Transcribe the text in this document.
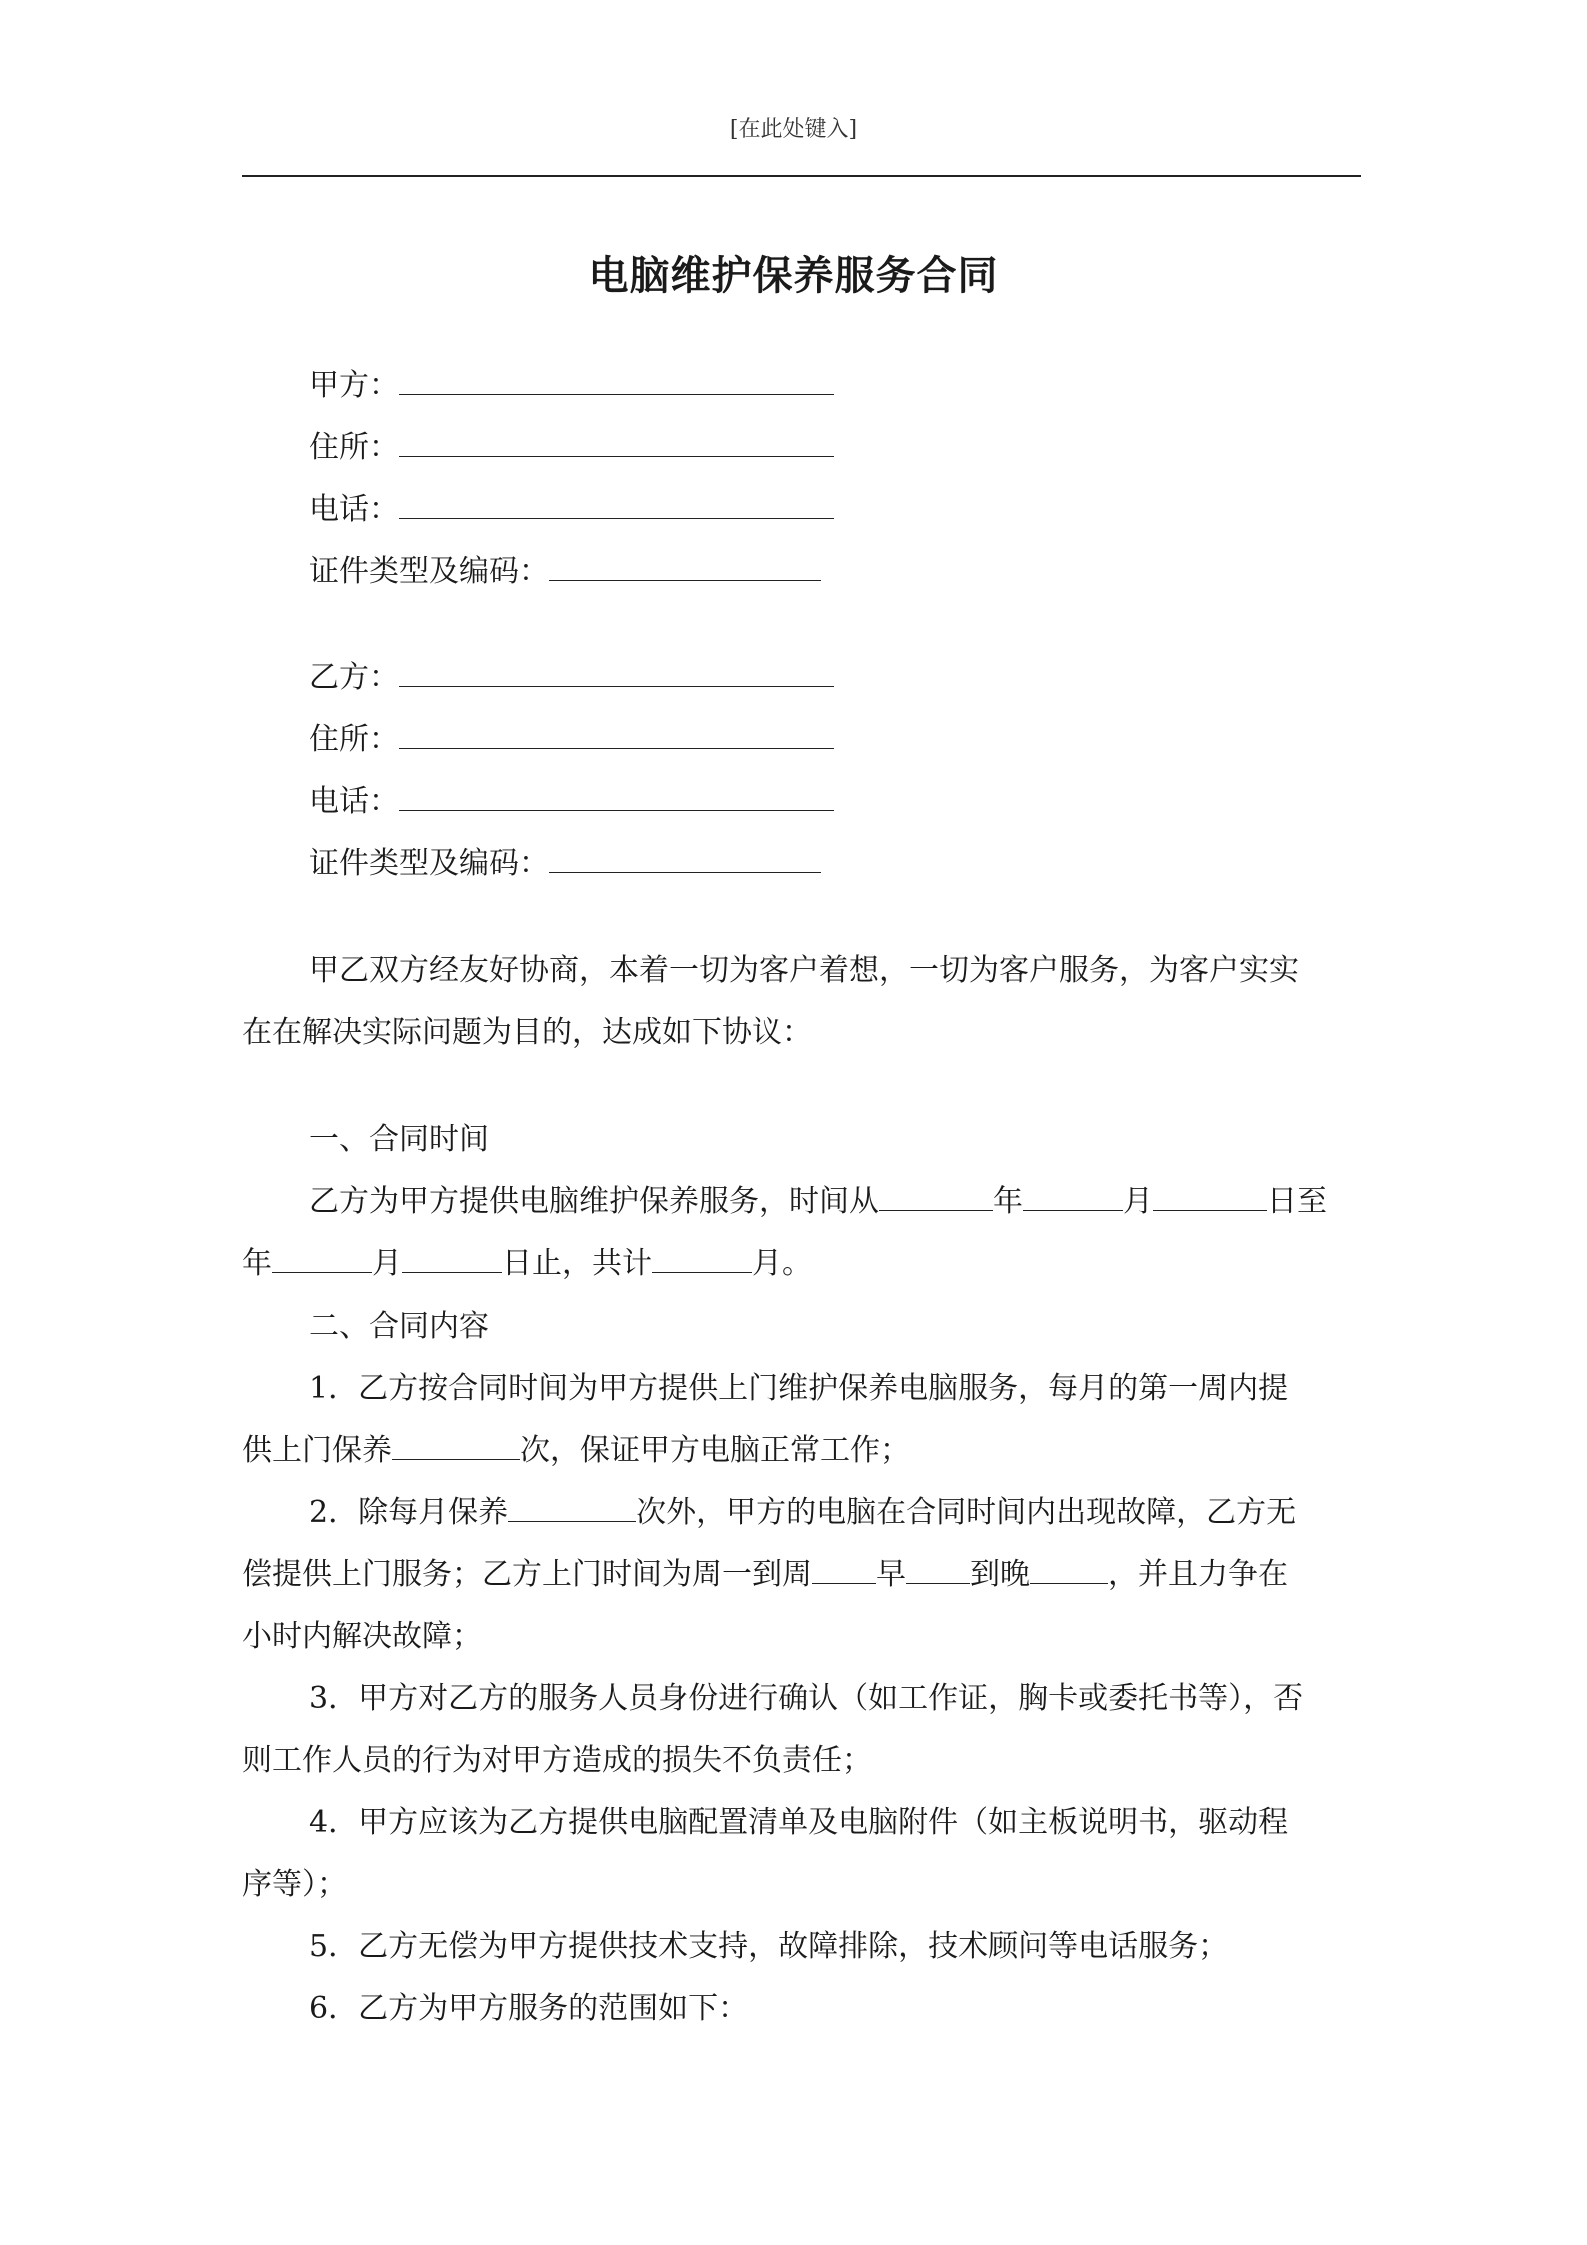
[在此处键入]
电脑维护保养服务合同
甲方：
住所：
电话：
证件类型及编码：
乙方：
住所：
电话：
证件类型及编码：

甲乙双方经友好协商，本着一切为客户着想，一切为客户服务，为客户实实

在在解决实际问题为目的，达成如下协议：

一、合同时间

乙方为甲方提供电脑维护保养服务，时间从	年	月	日至

年	月	日止，共计	月。

二、合同内容

1．乙方按合同时间为甲方提供上门维护保养电脑服务，每月的第一周内提

供上门保养	次，保证甲方电脑正常工作；

2．除每月保养	次外，甲方的电脑在合同时间内出现故障，乙方无

偿提供上门服务；乙方上门时间为周一到周 早 到晚	，并且力争在

小时内解决故障；

3．甲方对乙方的服务人员身份进行确认（如工作证，胸卡或委托书等），否

则工作人员的行为对甲方造成的损失不负责任；

4．甲方应该为乙方提供电脑配置清单及电脑附件（如主板说明书，驱动程

序等）；

5．乙方无偿为甲方提供技术支持，故障排除，技术顾问等电话服务；

6．乙方为甲方服务的范围如下：
